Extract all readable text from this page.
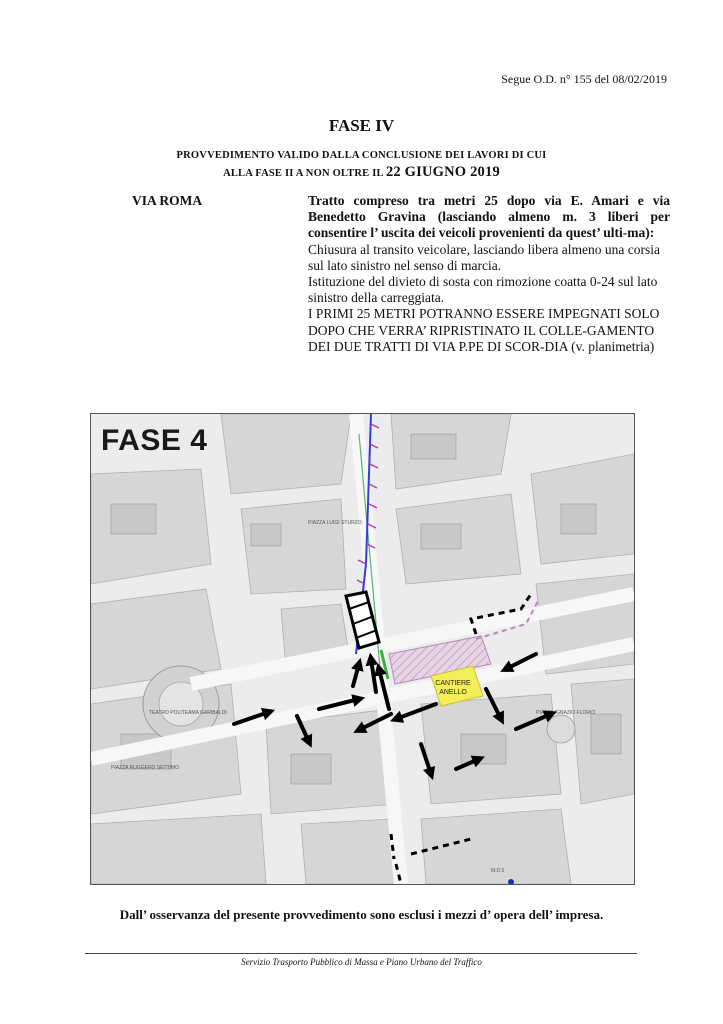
Segue O.D. n° 155 del 08/02/2019
FASE IV
PROVVEDIMENTO VALIDO DALLA CONCLUSIONE DEI LAVORI DI CUI
ALLA FASE II A NON OLTRE IL 22 GIUGNO 2019
VIA ROMA	Tratto compreso tra metri 25 dopo via E. Amari e via Benedetto Gravina (lasciando almeno m. 3 liberi per consentire l’ uscita dei veicoli provenienti da quest’ ulti-ma):

Chiusura al transito veicolare, lasciando libera almeno una corsia sul lato sinistro nel senso di marcia.

Istituzione del divieto di sosta con rimozione coatta 0-24 sul lato sinistro della carreggiata.

I PRIMI 25 METRI POTRANNO ESSERE IMPEGNATI SOLO DOPO CHE VERRA’ RIPRISTINATO IL COLLE-GAMENTO DEI DUE TRATTI DI VIA P.PE DI SCOR-DIA (v. planimetria)

CANTIERE
ANELLO
PIAZZA LUIGI STURZO
TEATRO POLITEAMA GARIBALDI
PIAZZA RUGGERO SETTIMO
PIAZZA IGNAZIO FLORIO
M.D.5
FASE 4
Dall’ osservanza del presente provvedimento sono esclusi i mezzi d’ opera dell’ impresa.
Servizio Trasporto Pubblico di Massa e Piano Urbano del Traffico
